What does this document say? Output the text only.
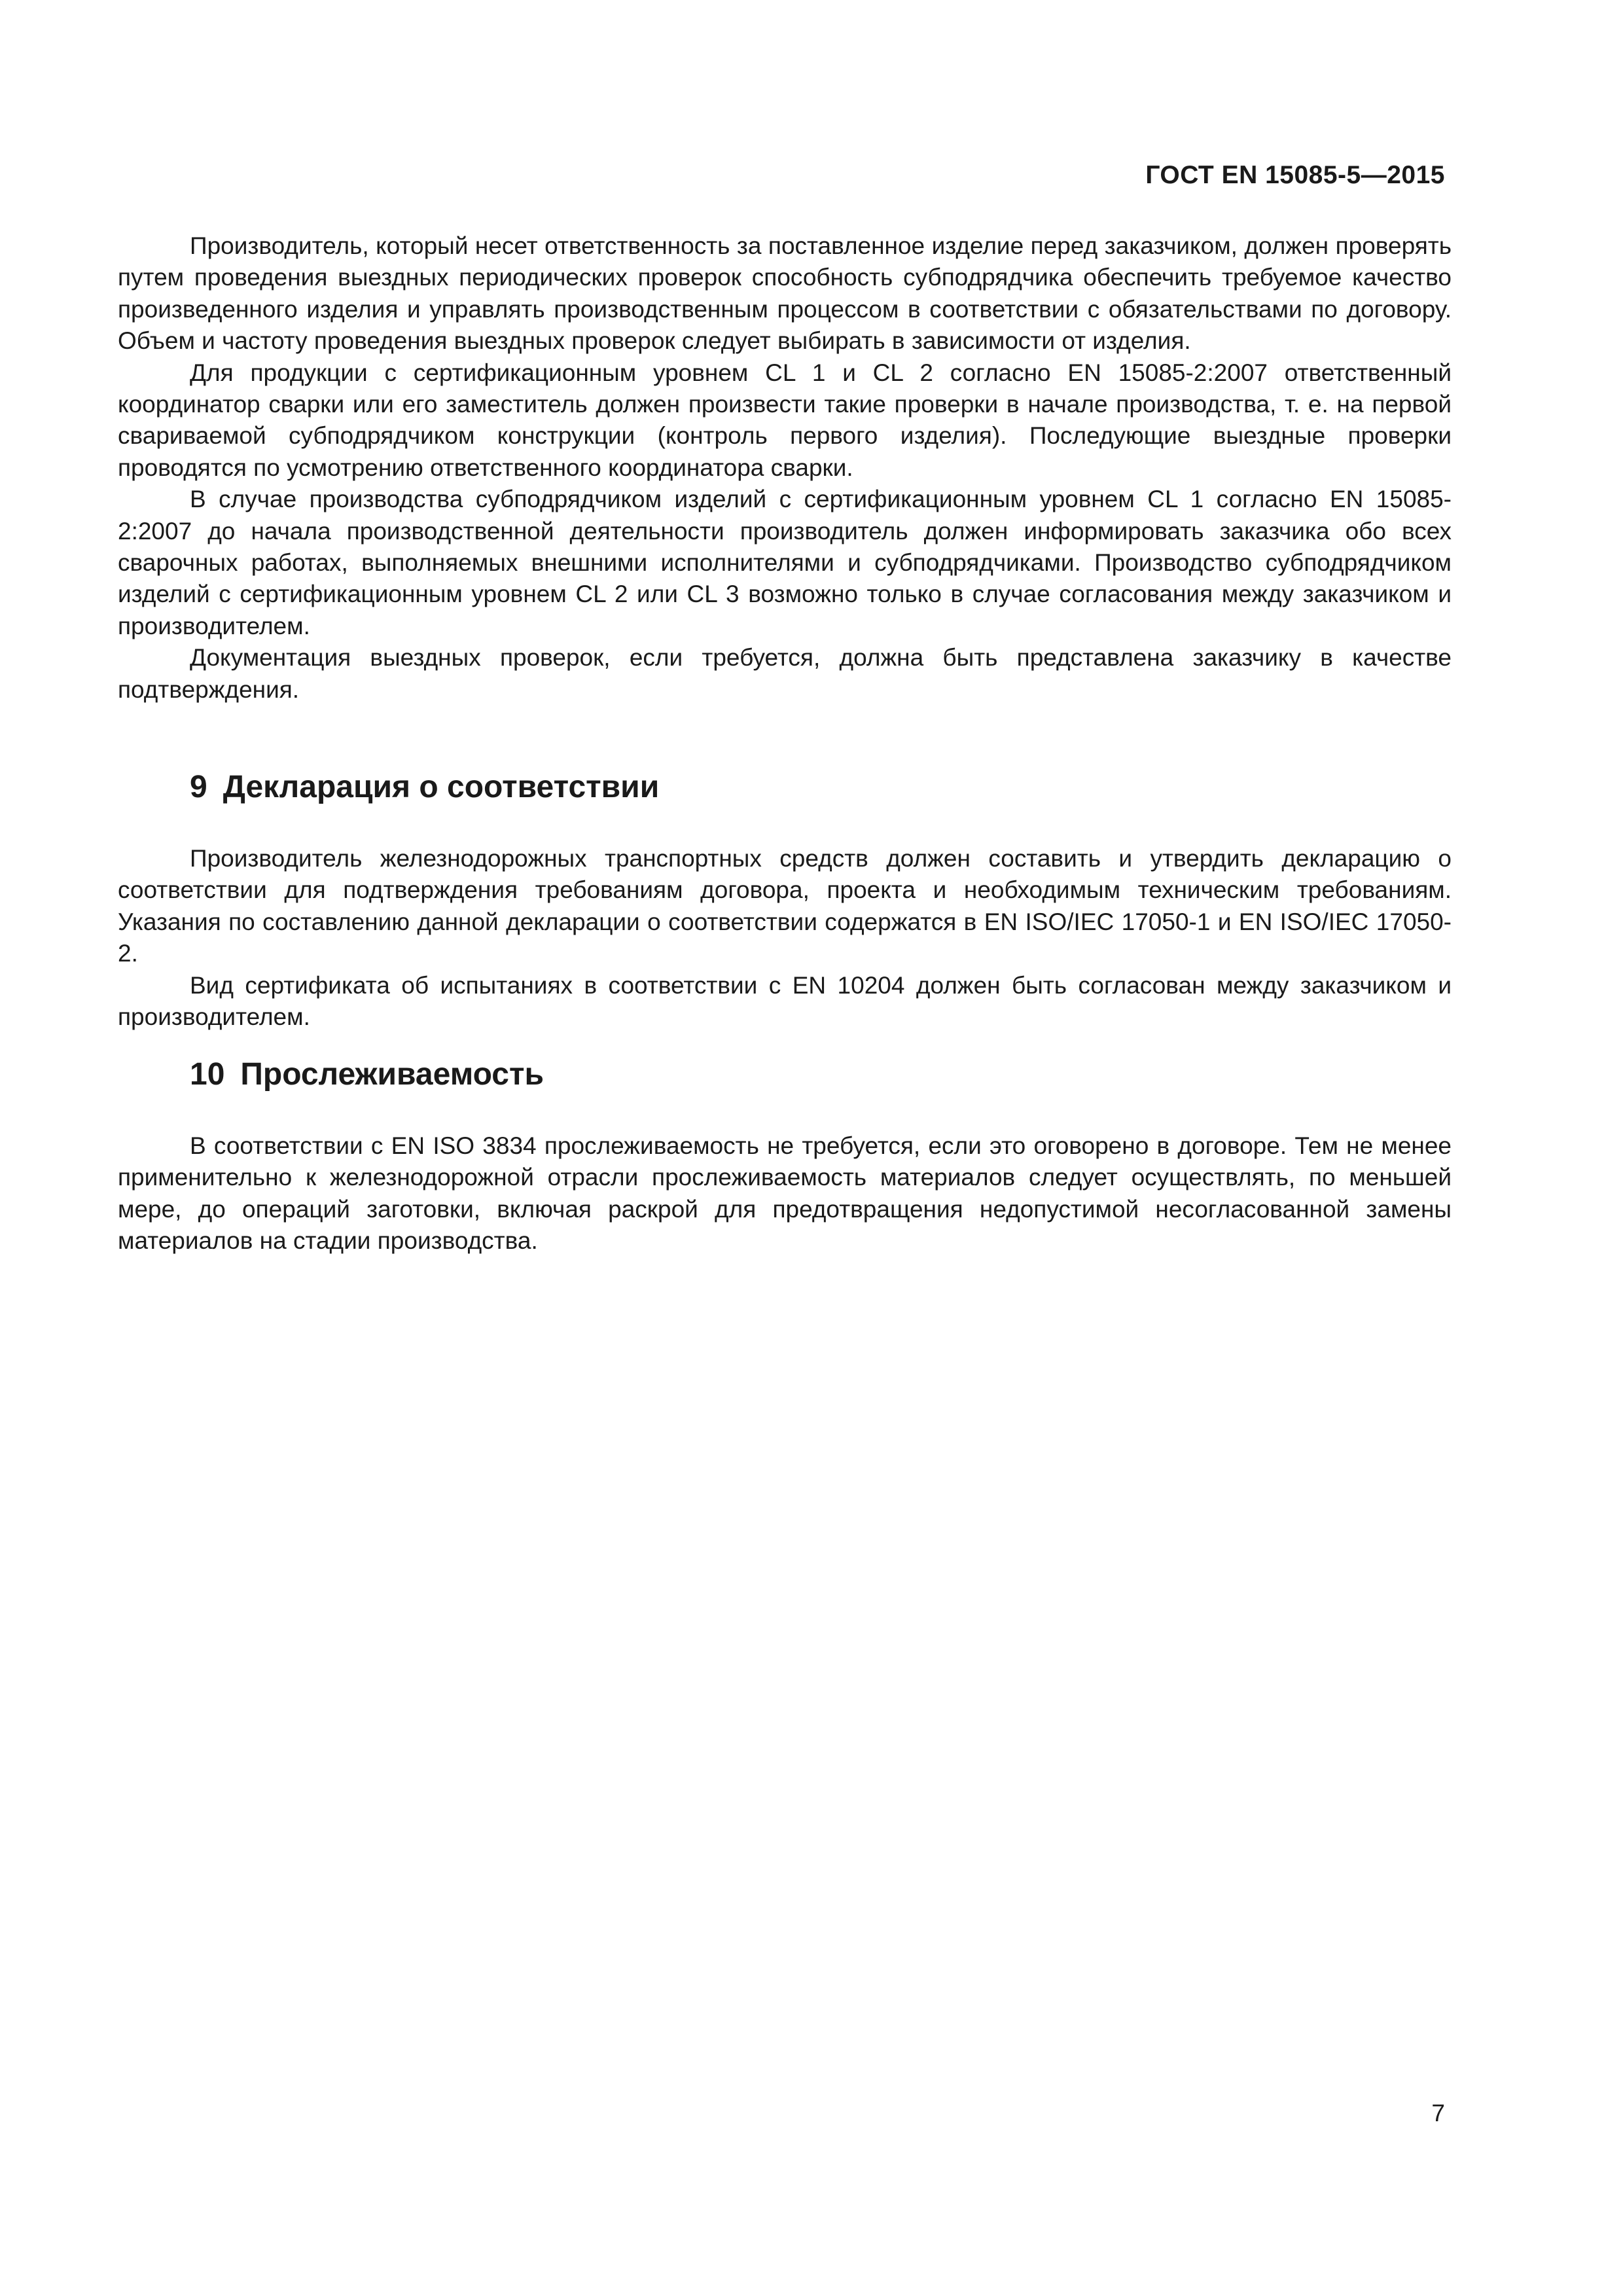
ГОСТ EN 15085-5—2015

Производитель, который несет ответственность за поставленное изделие перед заказчиком, должен проверять путем проведения выездных периодических проверок способность субподрядчика обеспечить требуемое качество произведенного изделия и управлять производственным процессом в соответствии с обязательствами по договору. Объем и частоту проведения выездных проверок следует выбирать в зависимости от изделия.

Для продукции с сертификационным уровнем CL 1 и CL 2 согласно EN 15085-2:2007 ответственный координатор сварки или его заместитель должен произвести такие проверки в начале производства, т. е. на первой свариваемой субподрядчиком конструкции (контроль первого изделия). Последующие выездные проверки проводятся по усмотрению ответственного координатора сварки.

В случае производства субподрядчиком изделий с сертификационным уровнем CL 1 согласно EN 15085-2:2007 до начала производственной деятельности производитель должен информировать заказчика обо всех сварочных работах, выполняемых внешними исполнителями и субподрядчиками. Производство субподрядчиком изделий с сертификационным уровнем CL 2 или CL 3 возможно только в случае согласования между заказчиком и производителем.

Документация выездных проверок, если требуется, должна быть представлена заказчику в качестве подтверждения.

9 Декларация о соответствии

Производитель железнодорожных транспортных средств должен составить и утвердить декларацию о соответствии для подтверждения требованиям договора, проекта и необходимым техническим требованиям. Указания по составлению данной декларации о соответствии содержатся в EN ISO/IEC 17050-1 и EN ISO/IEC 17050-2.

Вид сертификата об испытаниях в соответствии с EN 10204 должен быть согласован между заказчиком и производителем.

10 Прослеживаемость

В соответствии с EN ISO 3834 прослеживаемость не требуется, если это оговорено в договоре. Тем не менее применительно к железнодорожной отрасли прослеживаемость материалов следует осуществлять, по меньшей мере, до операций заготовки, включая раскрой для предотвращения недопустимой несогласованной замены материалов на стадии производства.

7
